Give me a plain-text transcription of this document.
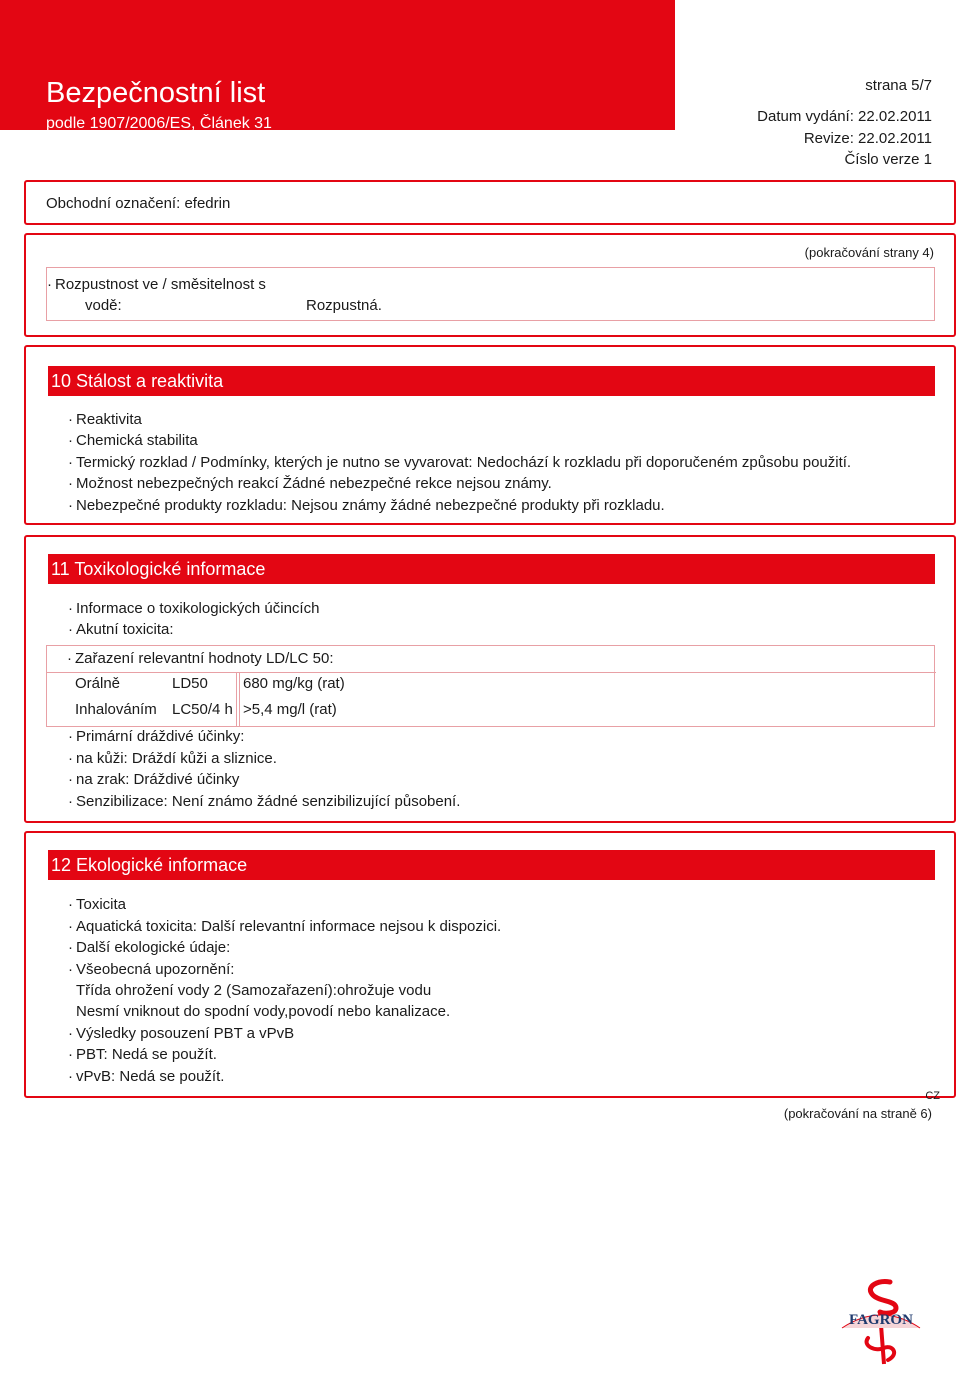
Bezpečnostní list
podle 1907/2006/ES, Článek 31
strana 5/7
Datum vydání: 22.02.2011
Revize: 22.02.2011
Číslo verze 1
Obchodní označení: efedrin
(pokračování strany 4)
· Rozpustnost ve / směsitelnost s
vodě:	Rozpustná.
10 Stálost a reaktivita
· Reaktivita
· Chemická stabilita
· Termický rozklad / Podmínky, kterých je nutno se vyvarovat: Nedochází k rozkladu při doporučeném způsobu použití.
· Možnost nebezpečných reakcí Žádné nebezpečné rekce nejsou známy.
· Nebezpečné produkty rozkladu: Nejsou známy žádné nebezpečné produkty při rozkladu.
11 Toxikologické informace
· Informace o toxikologických účincích
· Akutní toxicita:
· Zařazení relevantní hodnoty LD/LC 50:
Orálně	LD50
Inhalováním LC50/4 h
680 mg/kg (rat)
>5,4 mg/l (rat)
· Primární dráždivé účinky:
· na kůži: Dráždí kůži a sliznice.
· na zrak: Dráždivé účinky
· Senzibilizace: Není známo žádné senzibilizující působení.
12 Ekologické informace
· Toxicita
· Aquatická toxicita: Další relevantní informace nejsou k dispozici.
· Další ekologické údaje:
· Všeobecná upozornění:
Třída ohrožení vody 2 (Samozařazení):ohrožuje vodu
Nesmí vniknout do spodní vody,povodí nebo kanalizace.
· Výsledky posouzení PBT a vPvB
· PBT: Nedá se použít.
· vPvB: Nedá se použít.
CZ
(pokračování na straně 6)
FAGRON
